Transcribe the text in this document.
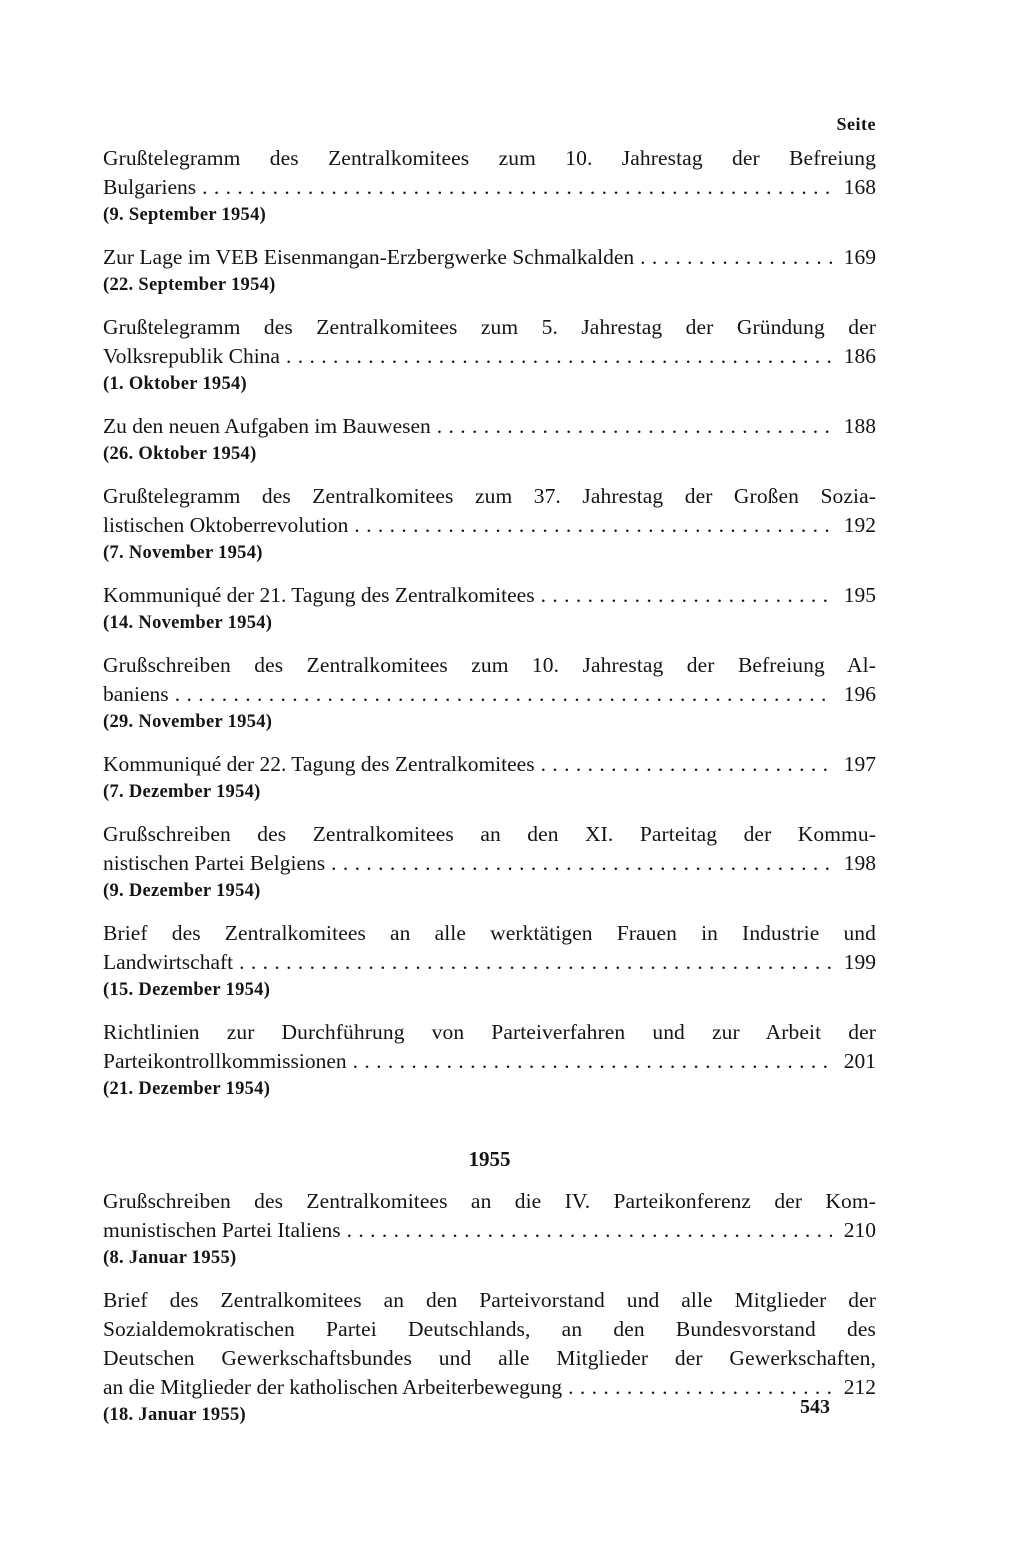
Seite
Grußtelegramm des Zentralkomitees zum 10. Jahrestag der Befreiung
Bulgariens . . .	168
(9. September 1954)
Zur Lage im VEB Eisenmangan-Erzbergwerke Schmalkalden . . .	169
(22. September 1954)
Grußtelegramm des Zentralkomitees zum 5. Jahrestag der Gründung der
Volksrepublik China . . .	186
(1. Oktober 1954)
Zu den neuen Aufgaben im Bauwesen . . .	188
(26. Oktober 1954)
Grußtelegramm des Zentralkomitees zum 37. Jahrestag der Großen Sozia-
listischen Oktoberrevolution . . .	192
(7. November 1954)
Kommuniqué der 21. Tagung des Zentralkomitees . . .	195
(14. November 1954)
Grußschreiben des Zentralkomitees zum 10. Jahrestag der Befreiung Al-
baniens . . .	196
(29. November 1954)
Kommuniqué der 22. Tagung des Zentralkomitees . . .	197
(7. Dezember 1954)
Grußschreiben des Zentralkomitees an den XI. Parteitag der Kommu-
nistischen Partei Belgiens . . .	198
(9. Dezember 1954)
Brief des Zentralkomitees an alle werktätigen Frauen in Industrie und
Landwirtschaft . . .	199
(15. Dezember 1954)
Richtlinien zur Durchführung von Parteiverfahren und zur Arbeit der
Parteikontrollkommissionen . . .	201
(21. Dezember 1954)
1955
Grußschreiben des Zentralkomitees an die IV. Parteikonferenz der Kom-
munistischen Partei Italiens . . .	210
(8. Januar 1955)
Brief des Zentralkomitees an den Parteivorstand und alle Mitglieder der
Sozialdemokratischen Partei Deutschlands, an den Bundesvorstand des
Deutschen Gewerkschaftsbundes und alle Mitglieder der Gewerkschaften,
an die Mitglieder der katholischen Arbeiterbewegung . . .	212
(18. Januar 1955)	543
